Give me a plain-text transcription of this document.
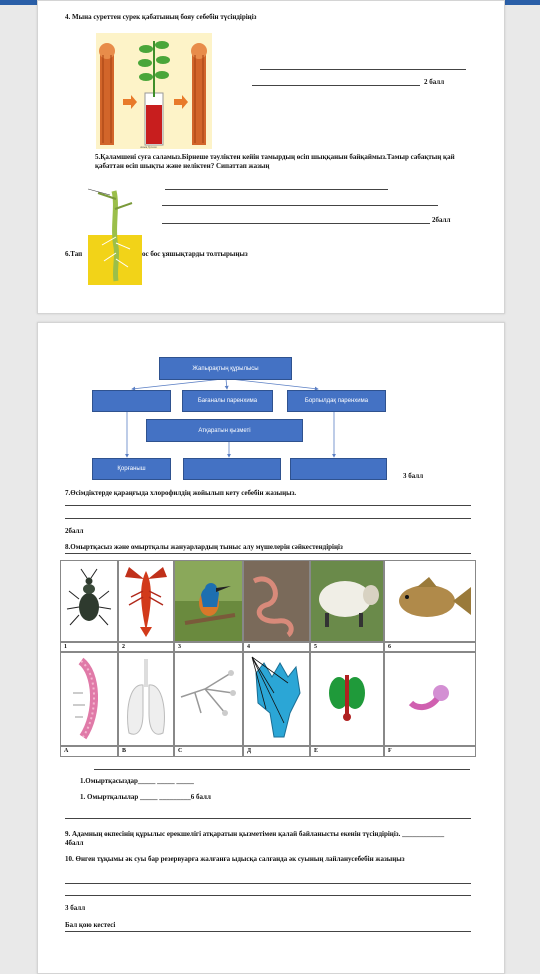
4. Мына суреттен сурек қабатының бояу себебін түсіндіріңіз
Анық бутеан
2 балл
5.Қаламшені суға саламыз.Бірнеше тәуліктен кейін тамырдың өсіп шыққанын байқаймыз.Тамыр сабақтың қай қабаттан өсіп шықты және неліктен? Сипаттап жазың
2балл
6.Тап	ос бос ұяшықтарды толтырыңыз
Жапырақтың құрылысы
Бағаналы паренхима	Борпылдақ паренхима
Атқаратын қызметі
Қорғаныш
3 балл
7.Өсімдіктерде қараңғыда хлорофилдің жойылып кету себебін жазыңыз.
2балл
8.Омыртқасыз және омыртқалы жануарлардың тыныс алу мүшелерін сәйкестендіріңіз
1	2	3	4	5	6
A	B	C	Д	E	F
1.Омыртқасыздар_____ _____ _____
1. Омыртқалылар _____ _________6 балл
9. Адамның өкпесінің құрылыс ерекшелігі атқаратын қызметімен қалай байланысты екенін түсіндіріңіз. ____________ 4балл
10. Өнген тұқымы әк суы бар резервуарға жалғанға ыдысқа салғанда әк суының лайланусебебін жазыңыз
3 балл
Бал қою кестесі
